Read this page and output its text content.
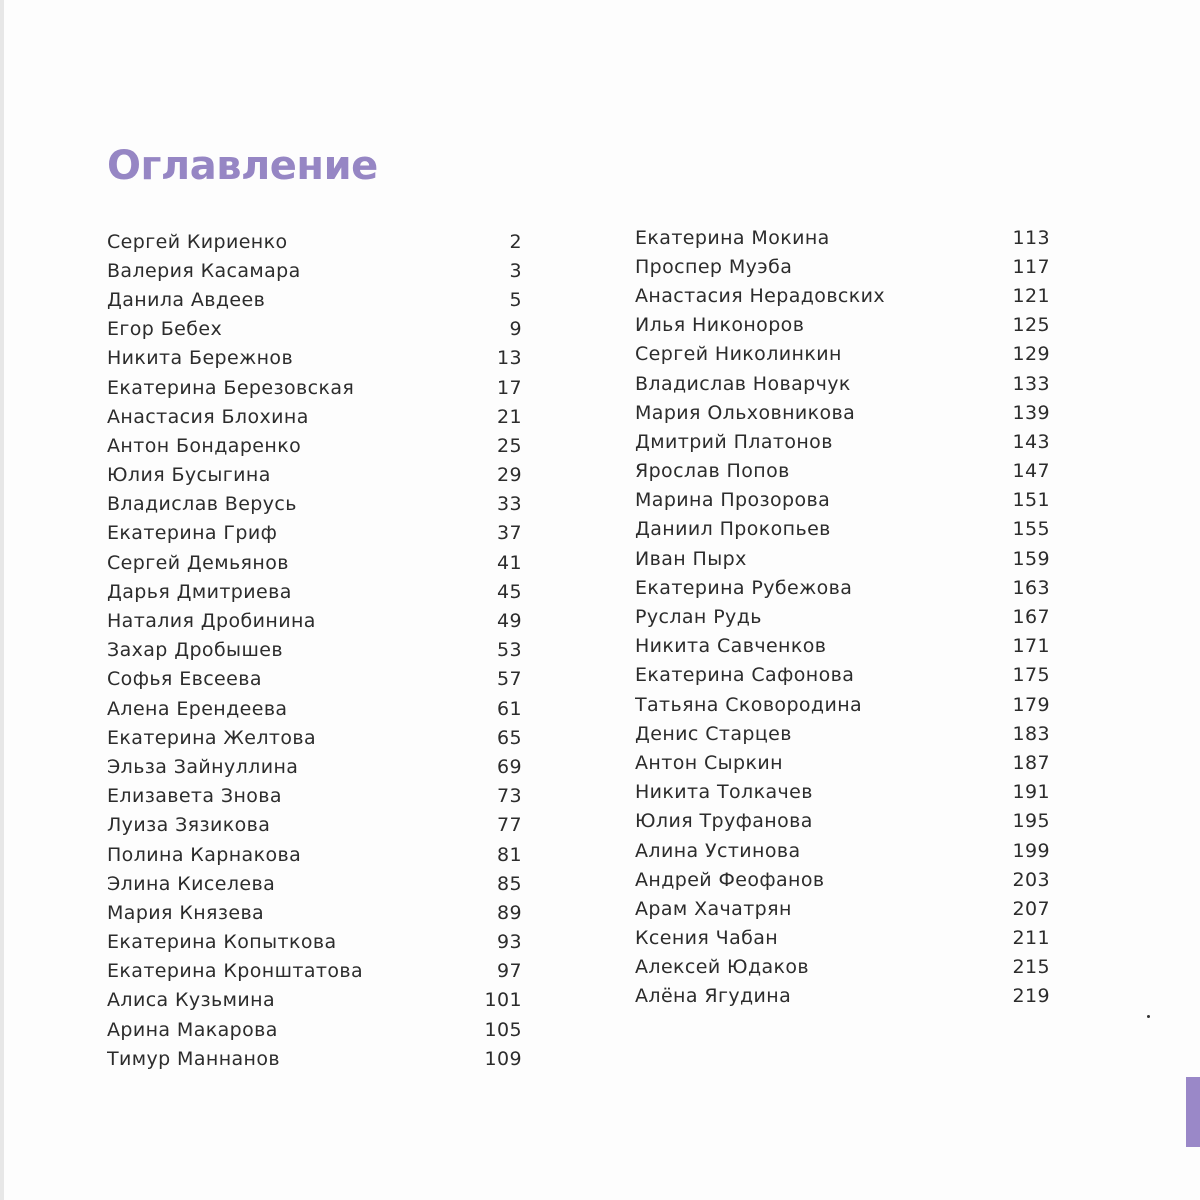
Оглавление
Сергей Кириенко	2
Валерия Касамара	3
Данила Авдеев	5
Егор Бебех	9
Никита Бережнов	13
Екатерина Березовская	17
Анастасия Блохина	21
Антон Бондаренко	25
Юлия Бусыгина	29
Владислав Верусь	33
Екатерина Гриф	37
Сергей Демьянов	41
Дарья Дмитриева	45
Наталия Дробинина	49
Захар Дробышев	53
Софья Евсеева	57
Алена Ерендеева	61
Екатерина Желтова	65
Эльза Зайнуллина	69
Елизавета Знова	73
Луиза Зязикова	77
Полина Карнакова	81
Элина Киселева	85
Мария Князева	89
Екатерина Копыткова	93
Екатерина Кронштатова	97
Алиса Кузьмина	101
Арина Макарова	105
Тимур Маннанов	109
Екатерина Мокина	113
Проспер Муэба	117
Анастасия Нерадовских	121
Илья Никоноров	125
Сергей Николинкин	129
Владислав Новарчук	133
Мария Ольховникова	139
Дмитрий Платонов	143
Ярослав Попов	147
Марина Прозорова	151
Даниил Прокопьев	155
Иван Пырх	159
Екатерина Рубежова	163
Руслан Рудь	167
Никита Савченков	171
Екатерина Сафонова	175
Татьяна Сковородина	179
Денис Старцев	183
Антон Сыркин	187
Никита Толкачев	191
Юлия Труфанова	195
Алина Устинова	199
Андрей Феофанов	203
Арам Хачатрян	207
Ксения Чабан	211
Алексей Юдаков	215
Алёна Ягудина	219
